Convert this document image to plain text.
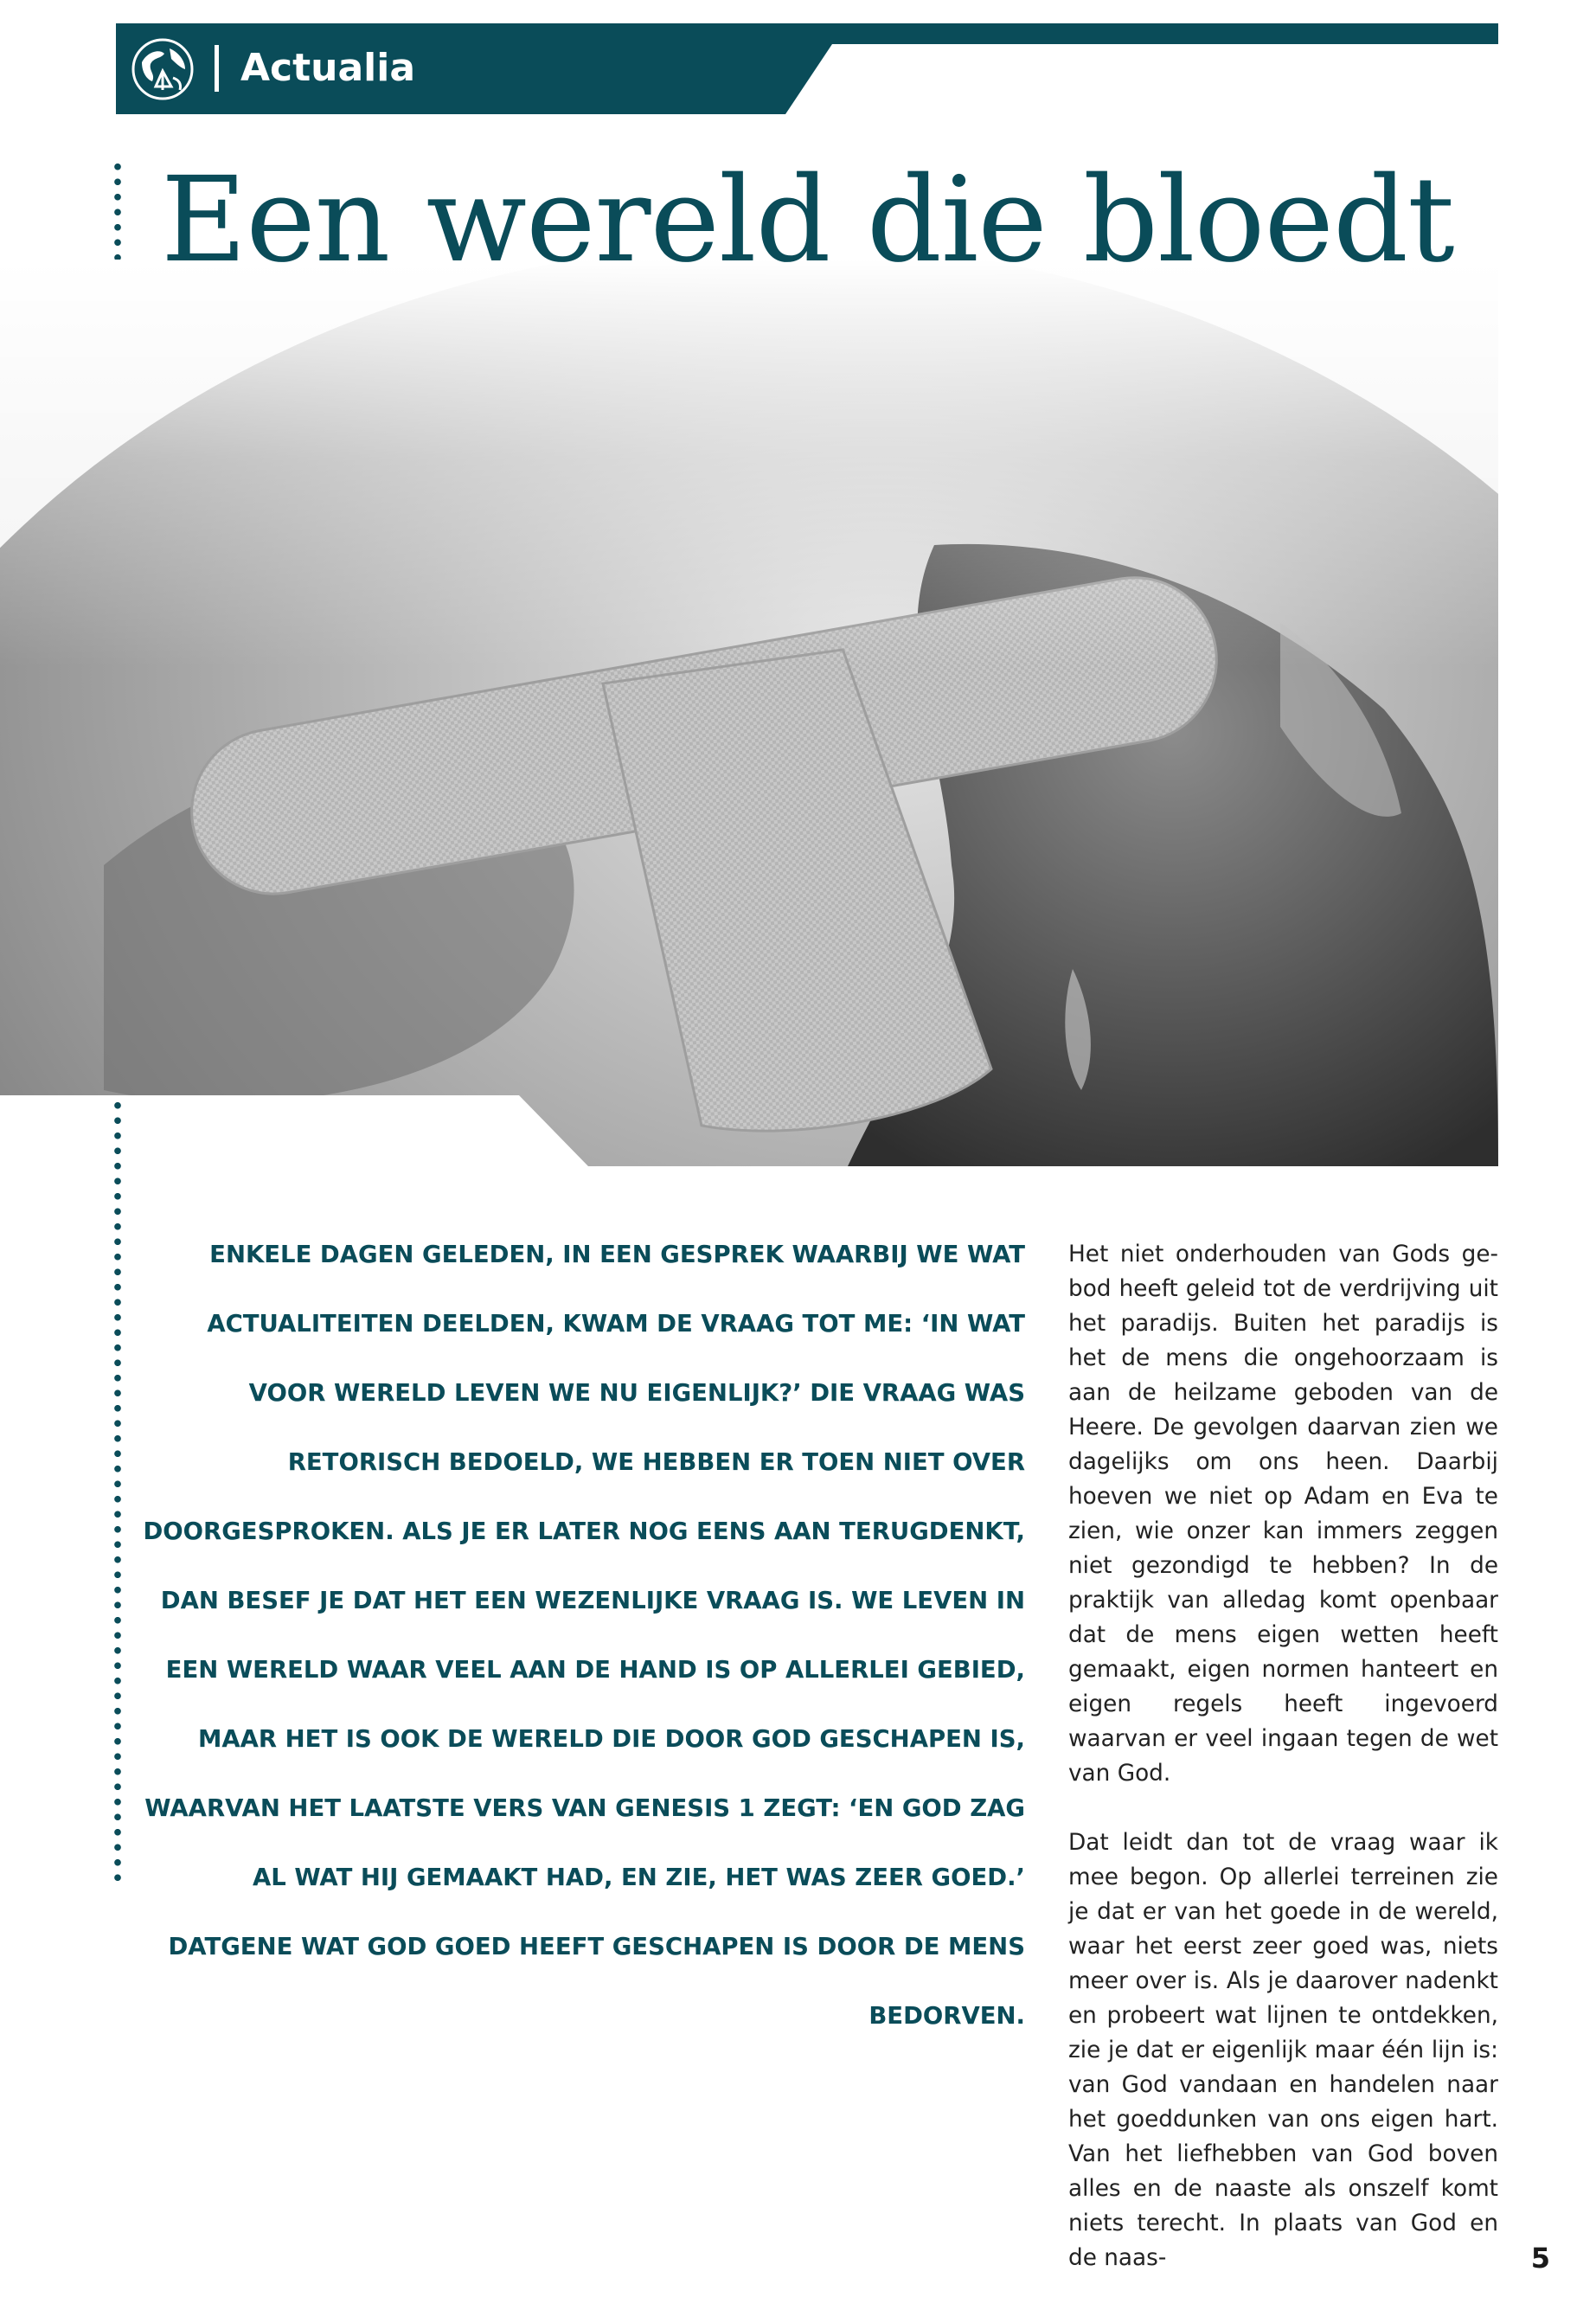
Actualia
Een wereld die bloedt
ENKELE DAGEN GELEDEN, IN EEN GESPREK WAARBIJ WE WAT ACTUALITEITEN DEELDEN, KWAM DE VRAAG TOT ME: ‘IN WAT VOOR WERELD LEVEN WE NU EIGENLIJK?’ DIE VRAAG WAS RETORISCH BEDOELD, WE HEBBEN ER TOEN NIET OVER DOORGESPROKEN. ALS JE ER LATER NOG EENS AAN TERUGDENKT, DAN BESEF JE DAT HET EEN WEZENLIJKE VRAAG IS. WE LEVEN IN EEN WERELD WAAR VEEL AAN DE HAND IS OP ALLERLEI GEBIED, MAAR HET IS OOK DE WERELD DIE DOOR GOD GESCHAPEN IS, WAARVAN HET LAATSTE VERS VAN GENESIS 1 ZEGT: ‘EN GOD ZAG AL WAT HIJ GEMAAKT HAD, EN ZIE, HET WAS ZEER GOED.’ DATGENE WAT GOD GOED HEEFT GESCHAPEN IS DOOR DE MENS BEDORVEN.

Het niet onderhouden van Gods gebod heeft geleid tot de verdrijving uit het paradijs. Buiten het paradijs is het de mens die ongehoorzaam is aan de heilzame geboden van de Heere. De gevolgen daarvan zien we dagelijks om ons heen. Daarbij hoeven we niet op Adam en Eva te zien, wie onzer kan immers zeggen niet gezondigd te hebben? In de praktijk van alledag komt openbaar dat de mens eigen wetten heeft gemaakt, eigen normen hanteert en eigen regels heeft ingevoerd waarvan er veel ingaan tegen de wet van God.

Dat leidt dan tot de vraag waar ik mee begon. Op allerlei terreinen zie je dat er van het goede in de wereld, waar het eerst zeer goed was, niets meer over is. Als je daarover nadenkt en probeert wat lijnen te ontdekken, zie je dat er eigenlijk maar één lijn is: van God vandaan en handelen naar het goeddunken van ons eigen hart. Van het liefhebben van God boven alles en de naaste als onszelf komt niets terecht. In plaats van God en de naas-	5
